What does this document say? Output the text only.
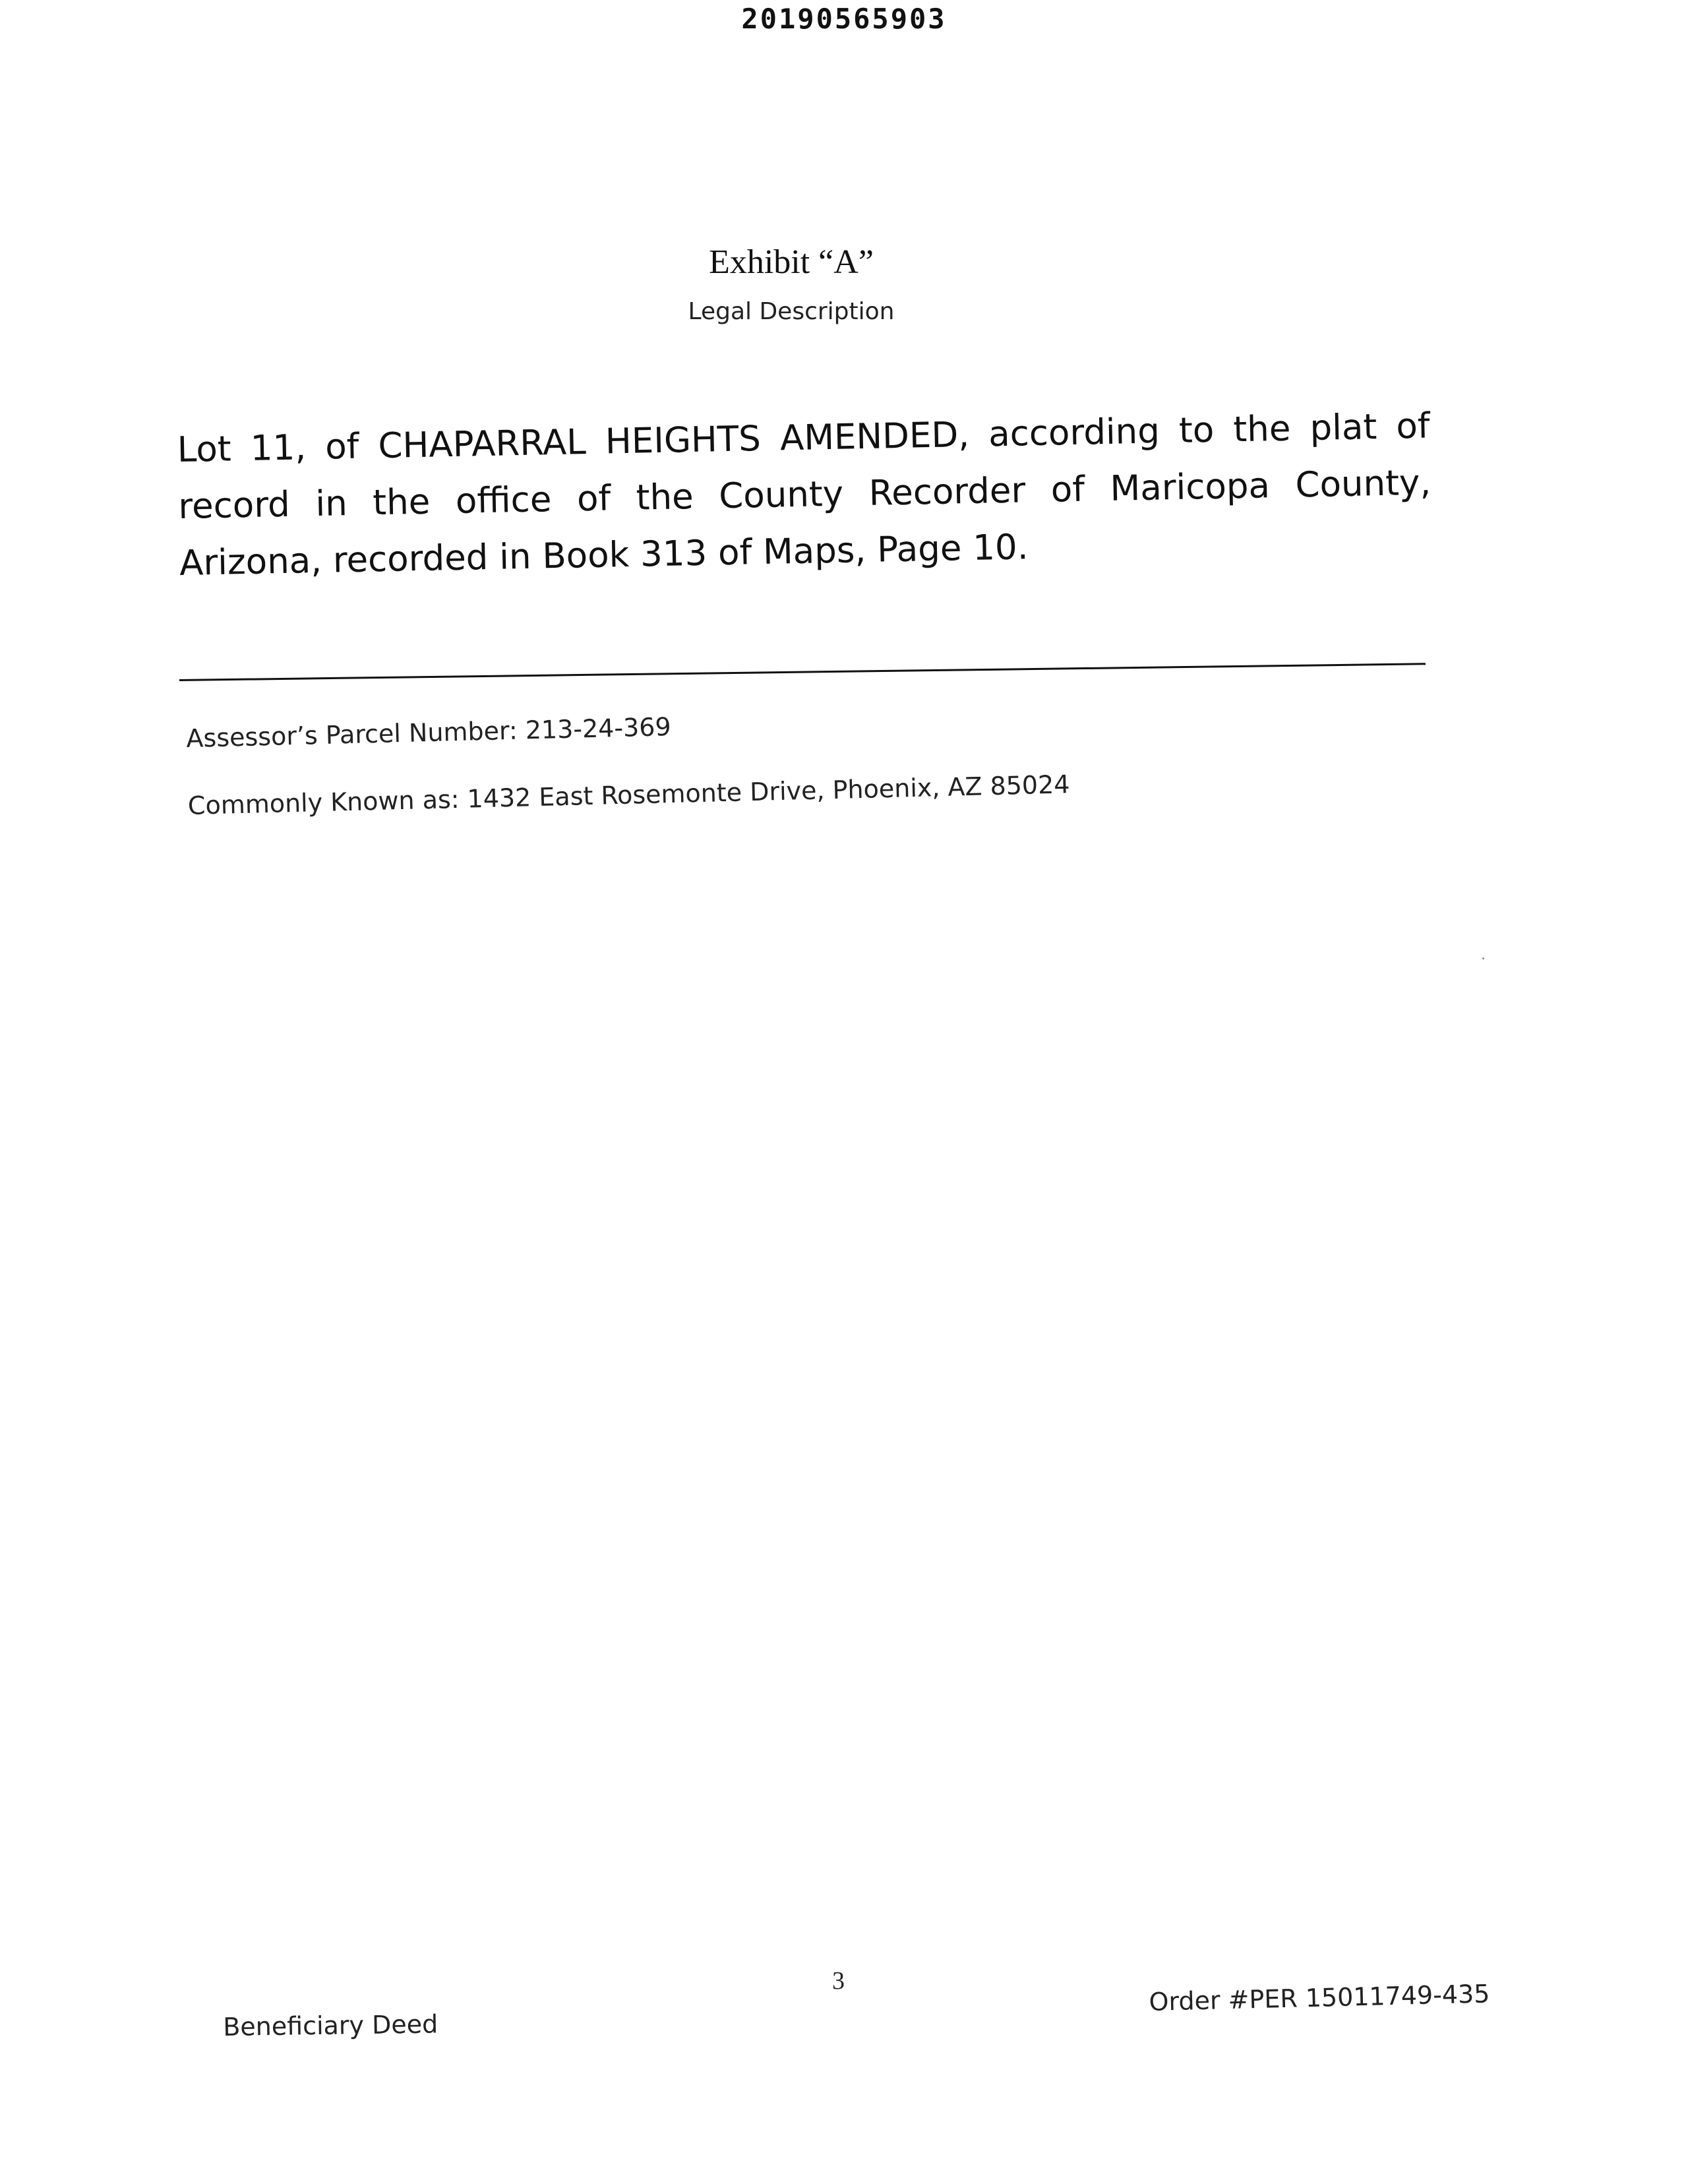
20190565903
Exhibit “A”
Legal Description
Lot 11, of CHAPARRAL HEIGHTS AMENDED, according to the plat of
record in the office of the County Recorder of Maricopa County,
Arizona, recorded in Book 313 of Maps, Page 10.
Assessor’s Parcel Number: 213-24-369
Commonly Known as: 1432 East Rosemonte Drive, Phoenix, AZ 85024
3
Beneficiary Deed
Order #PER 15011749-435
